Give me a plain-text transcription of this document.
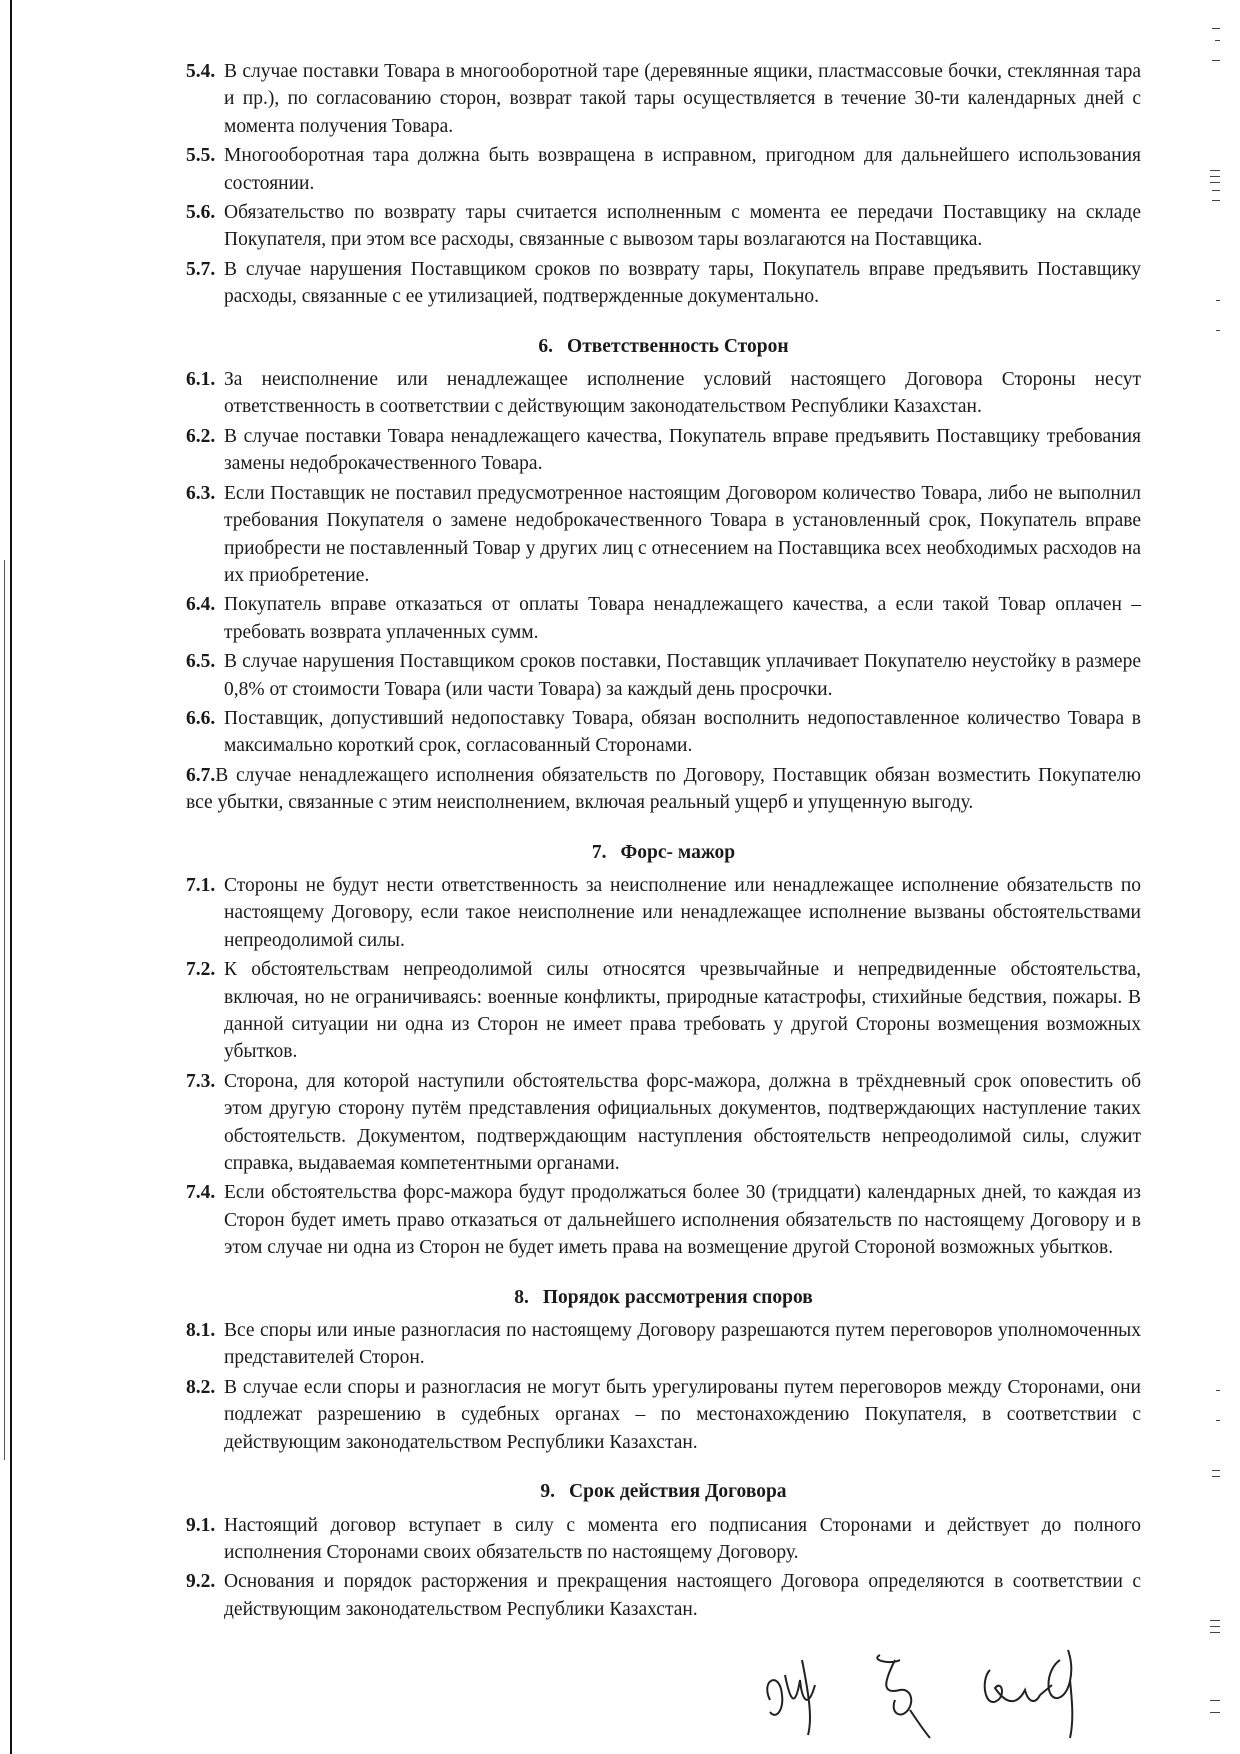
5.4. В случае поставки Товара в многооборотной таре (деревянные ящики, пластмассовые бочки, стеклянная тара и пр.), по согласованию сторон, возврат такой тары осуществляется в течение 30-ти календарных дней с момента получения Товара.
5.5. Многооборотная тара должна быть возвращена в исправном, пригодном для дальнейшего использования состоянии.
5.6. Обязательство по возврату тары считается исполненным с момента ее передачи Поставщику на складе Покупателя, при этом все расходы, связанные с вывозом тары возлагаются на Поставщика.
5.7. В случае нарушения Поставщиком сроков по возврату тары, Покупатель вправе предъявить Поставщику расходы, связанные с ее утилизацией, подтвержденные документально.
6. Ответственность Сторон
6.1. За неисполнение или ненадлежащее исполнение условий настоящего Договора Стороны несут ответственность в соответствии с действующим законодательством Республики Казахстан.
6.2. В случае поставки Товара ненадлежащего качества, Покупатель вправе предъявить Поставщику требования замены недоброкачественного Товара.
6.3. Если Поставщик не поставил предусмотренное настоящим Договором количество Товара, либо не выполнил требования Покупателя о замене недоброкачественного Товара в установленный срок, Покупатель вправе приобрести не поставленный Товар у других лиц с отнесением на Поставщика всех необходимых расходов на их приобретение.
6.4. Покупатель вправе отказаться от оплаты Товара ненадлежащего качества, а если такой Товар оплачен – требовать возврата уплаченных сумм.
6.5. В случае нарушения Поставщиком сроков поставки, Поставщик уплачивает Покупателю неустойку в размере 0,8% от стоимости Товара (или части Товара) за каждый день просрочки.
6.6. Поставщик, допустивший недопоставку Товара, обязан восполнить недопоставленное количество Товара в максимально короткий срок, согласованный Сторонами.
6.7.В случае ненадлежащего исполнения обязательств по Договору, Поставщик обязан возместить Покупателю все убытки, связанные с этим неисполнением, включая реальный ущерб и упущенную выгоду.
7. Форс- мажор
7.1. Стороны не будут нести ответственность за неисполнение или ненадлежащее исполнение обязательств по настоящему Договору, если такое неисполнение или ненадлежащее исполнение вызваны обстоятельствами непреодолимой силы.
7.2. К обстоятельствам непреодолимой силы относятся чрезвычайные и непредвиденные обстоятельства, включая, но не ограничиваясь: военные конфликты, природные катастрофы, стихийные бедствия, пожары. В данной ситуации ни одна из Сторон не имеет права требовать у другой Стороны возмещения возможных убытков.
7.3. Сторона, для которой наступили обстоятельства форс-мажора, должна в трёхдневный срок оповестить об этом другую сторону путём представления официальных документов, подтверждающих наступление таких обстоятельств. Документом, подтверждающим наступления обстоятельств непреодолимой силы, служит справка, выдаваемая компетентными органами.
7.4. Если обстоятельства форс-мажора будут продолжаться более 30 (тридцати) календарных дней, то каждая из Сторон будет иметь право отказаться от дальнейшего исполнения обязательств по настоящему Договору и в этом случае ни одна из Сторон не будет иметь права на возмещение другой Стороной возможных убытков.
8. Порядок рассмотрения споров
8.1. Все споры или иные разногласия по настоящему Договору разрешаются путем переговоров уполномоченных представителей Сторон.
8.2. В случае если споры и разногласия не могут быть урегулированы путем переговоров между Сторонами, они подлежат разрешению в судебных органах – по местонахождению Покупателя, в соответствии с действующим законодательством Республики Казахстан.
9. Срок действия Договора
9.1. Настоящий договор вступает в силу с момента его подписания Сторонами и действует до полного исполнения Сторонами своих обязательств по настоящему Договору.
9.2. Основания и порядок расторжения и прекращения настоящего Договора определяются в соответствии с действующим законодательством Республики Казахстан.
